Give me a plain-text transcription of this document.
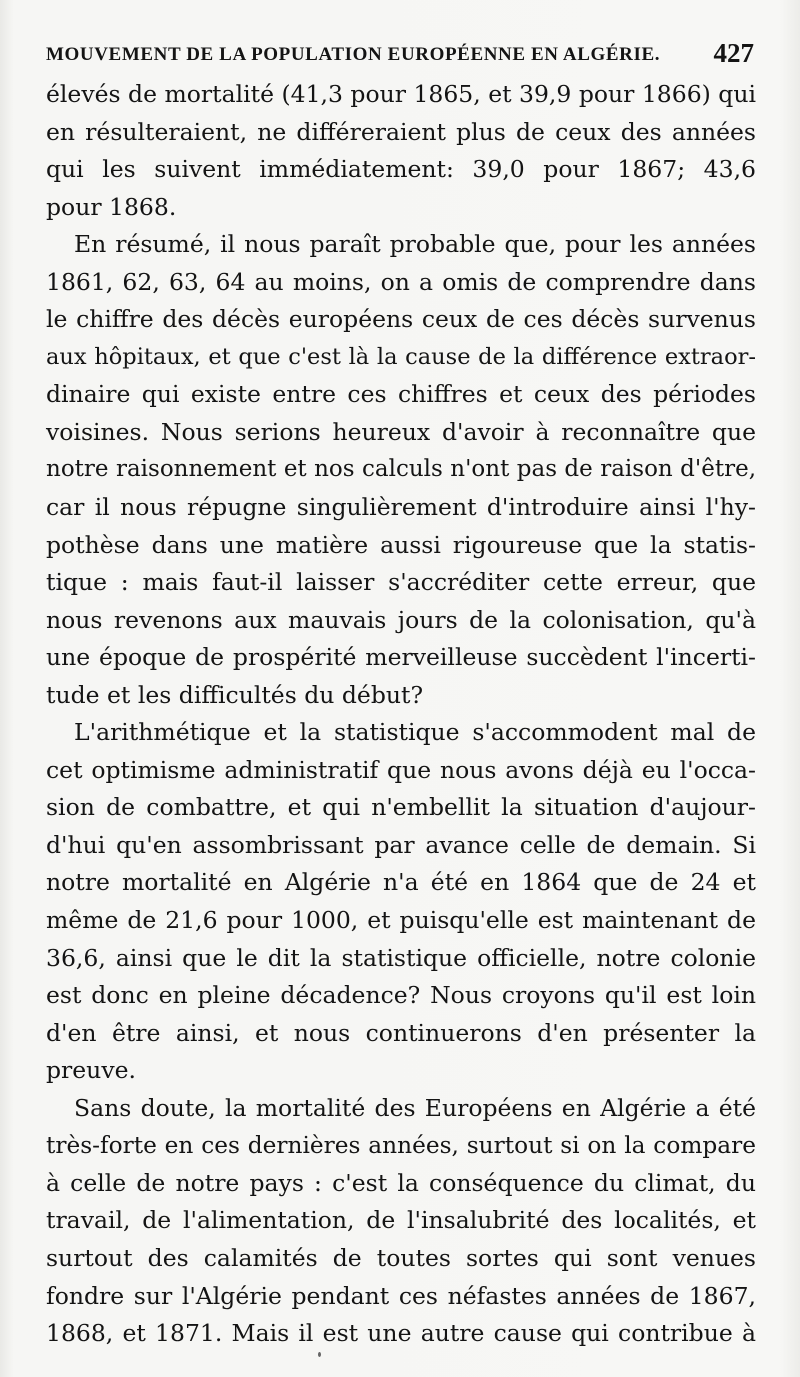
MOUVEMENT DE LA POPULATION EUROPÉENNE EN ALGÉRIE. 427
élevés de mortalité (41,3 pour 1865, et 39,9 pour 1866) qui
en résulteraient, ne différeraient plus de ceux des années
qui les suivent immédiatement: 39,0 pour 1867; 43,6
pour 1868.
En résumé, il nous paraît probable que, pour les années
1861, 62, 63, 64 au moins, on a omis de comprendre dans
le chiffre des décès européens ceux de ces décès survenus
aux hôpitaux, et que c'est là la cause de la différence extraor-
dinaire qui existe entre ces chiffres et ceux des périodes
voisines. Nous serions heureux d'avoir à reconnaître que
notre raisonnement et nos calculs n'ont pas de raison d'être,
car il nous répugne singulièrement d'introduire ainsi l'hy-
pothèse dans une matière aussi rigoureuse que la statis-
tique : mais faut-il laisser s'accréditer cette erreur, que
nous revenons aux mauvais jours de la colonisation, qu'à
une époque de prospérité merveilleuse succèdent l'incerti-
tude et les difficultés du début?
L'arithmétique et la statistique s'accommodent mal de
cet optimisme administratif que nous avons déjà eu l'occa-
sion de combattre, et qui n'embellit la situation d'aujour-
d'hui qu'en assombrissant par avance celle de demain. Si
notre mortalité en Algérie n'a été en 1864 que de 24 et
même de 21,6 pour 1000, et puisqu'elle est maintenant de
36,6, ainsi que le dit la statistique officielle, notre colonie
est donc en pleine décadence? Nous croyons qu'il est loin
d'en être ainsi, et nous continuerons d'en présenter la
preuve.
Sans doute, la mortalité des Européens en Algérie a été
très-forte en ces dernières années, surtout si on la compare
à celle de notre pays : c'est la conséquence du climat, du
travail, de l'alimentation, de l'insalubrité des localités, et
surtout des calamités de toutes sortes qui sont venues
fondre sur l'Algérie pendant ces néfastes années de 1867,
1868, et 1871. Mais il est une autre cause qui contribue à
